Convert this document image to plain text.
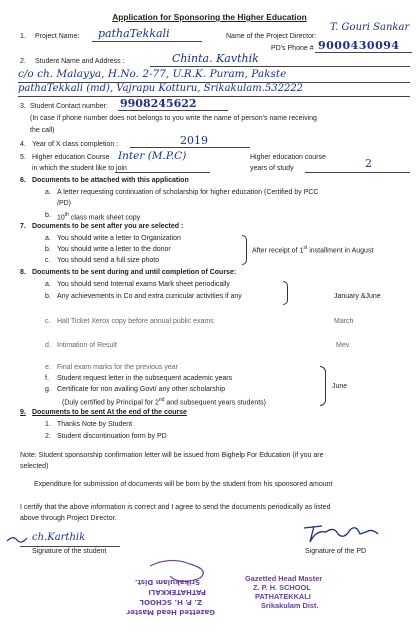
Application for Sponsoring the Higher Education
1. Project Name: pathaTekkali	Name of the Project Director:
T. Gouri Sankar
PD's Phone # 9000430094
2. Student Name and Address :	Chinta. Kavthik
c/o ch. Malayya, H.No. 2-77, U.R.K. Puram, Pakste
pathaTekkali (md), Vajrapu Kotturu, Srikakulam.532222
3. Student Contact number: 9908245622
(In case if phone number does not belongs to you write the name of person's name receiving
the call)
4. Year of X class completion :	2019
5. Higher education Course Inter (M.P.C)
in which the student like to join
Higher education course
years of study	2
6. Documents to be attached with this application
a. A letter requesting continuation of scholarship for higher education (Certified by PCC
/PD)
b. 10th class mark sheet copy
7. Documents to be sent after you are selected :
a. You should write a letter to Organization
b. You should write a letter to the donor
c. You should send a full size photo
After receipt of 1st installment in August
8. Documents to be sent during and until completion of Course:
a. You should send Internal exams Mark sheet periodically
b. Any achievements in Co and extra curricular activities if any	January &June
c. Hall Ticket Xerox copy before annual public exams	March
d. Intimation of Result	Mev
e. Final exam marks for the previous year
f. Student request letter in the subsequent academic years
g. Certificate for non availing Govt/ any other scholarship
(Duly certified by Principal for 2nd and subsequent years students)
June
9. Documents to be sent At the end of the course
1. Thanks Note by Student
2. Student discontinuation form by PD
Note: Student sponsorship confirmation letter will be issued from Bighelp For Education (if you are
selected)
Expenditure for submission of documents will be born by the student from his sponsored amount
I certify that the above information is correct and I agree to send the documents periodically as listed
above through Project Director.
ch.Karthik
Signature of the student	Signature of the PD
Srikakulam Dist.
PATHATEKKALI
Z. P. H. SCHOOL
Gazetted Head Master
Gazetted Head Master
Z. P. H. SCHOOL
PATHATEKKALI
Srikakulam Dist.
